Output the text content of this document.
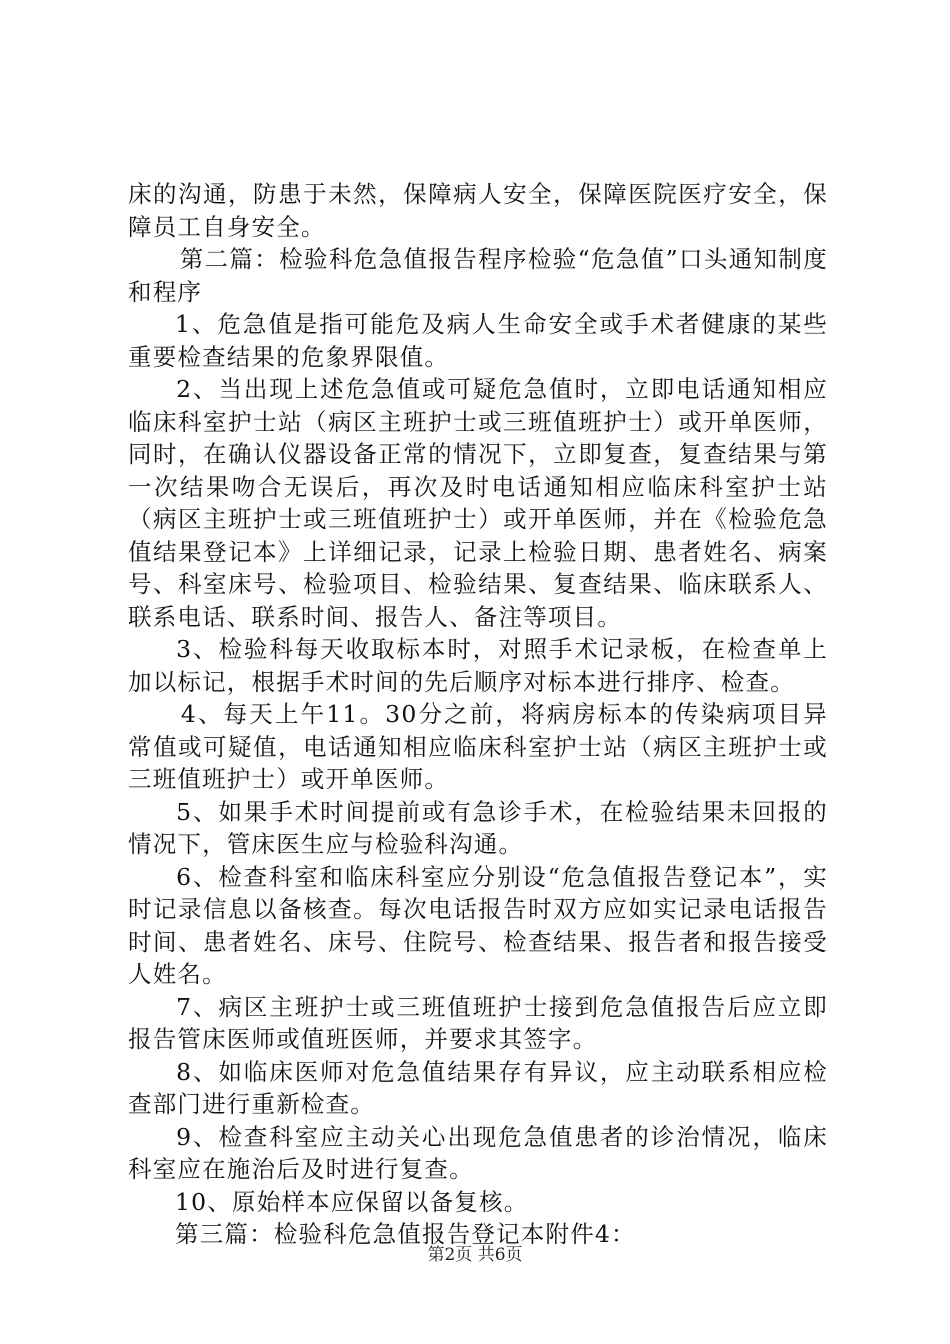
床的沟通，防患于未然，保障病人安全，保障医院医疗安全，保障员工自身安全。

第二篇：检验科危急值报告程序检验“危急值”口头通知制度和程序

1、危急值是指可能危及病人生命安全或手术者健康的某些重要检查结果的危象界限值。

2、当出现上述危急值或可疑危急值时，立即电话通知相应临床科室护士站（病区主班护士或三班值班护士）或开单医师，同时，在确认仪器设备正常的情况下，立即复查，复查结果与第一次结果吻合无误后，再次及时电话通知相应临床科室护士站（病区主班护士或三班值班护士）或开单医师，并在《检验危急值结果登记本》上详细记录，记录上检验日期、患者姓名、病案号、科室床号、检验项目、检验结果、复查结果、临床联系人、联系电话、联系时间、报告人、备注等项目。

3、检验科每天收取标本时，对照手术记录板，在检查单上加以标记，根据手术时间的先后顺序对标本进行排序、检查。

4、每天上午11。30分之前，将病房标本的传染病项目异常值或可疑值，电话通知相应临床科室护士站（病区主班护士或三班值班护士）或开单医师。

5、如果手术时间提前或有急诊手术，在检验结果未回报的情况下，管床医生应与检验科沟通。

6、检查科室和临床科室应分别设“危急值报告登记本”，实时记录信息以备核查。每次电话报告时双方应如实记录电话报告时间、患者姓名、床号、住院号、检查结果、报告者和报告接受人姓名。

7、病区主班护士或三班值班护士接到危急值报告后应立即报告管床医师或值班医师，并要求其签字。

8、如临床医师对危急值结果存有异议，应主动联系相应检查部门进行重新检查。

9、检查科室应主动关心出现危急值患者的诊治情况，临床科室应在施治后及时进行复查。

10、原始样本应保留以备复核。

第三篇：检验科危急值报告登记本附件4：

第2页 共6页
